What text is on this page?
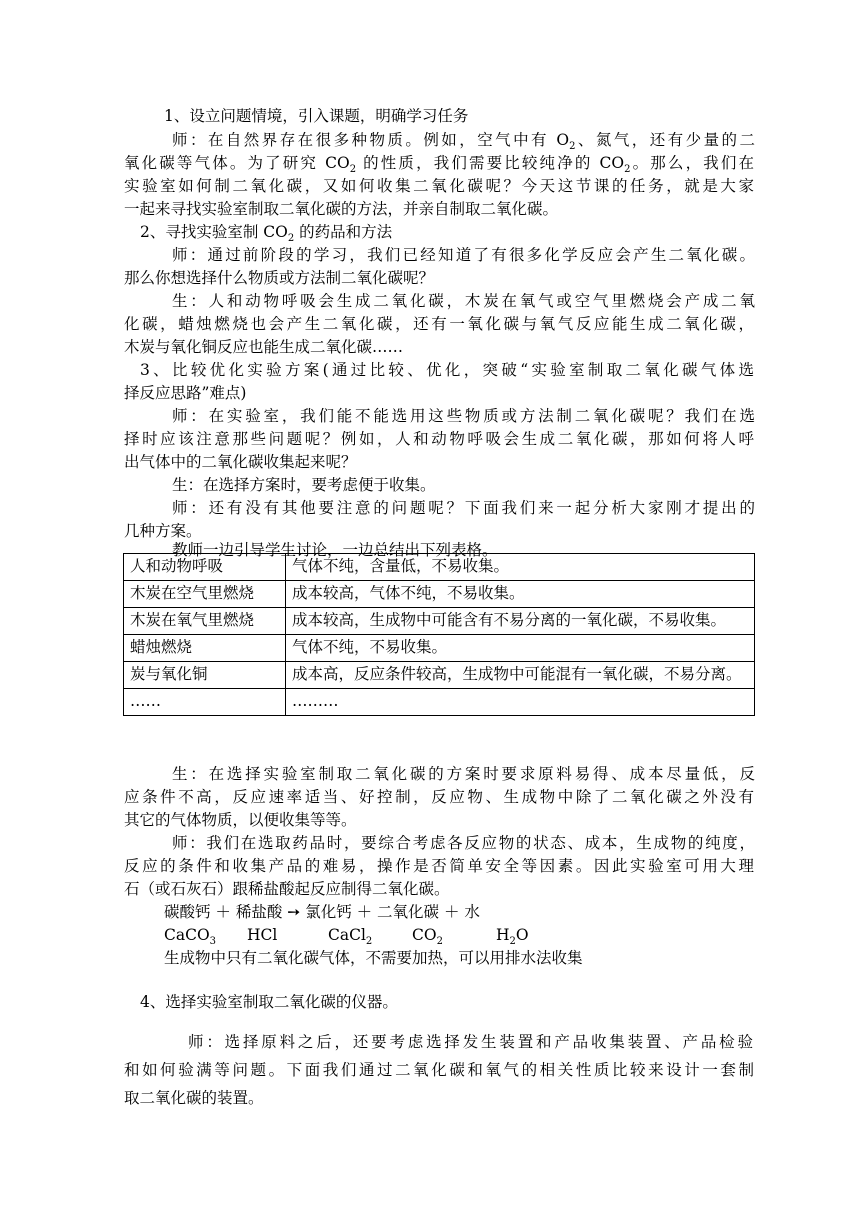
1、设立问题情境，引入课题，明确学习任务
师：在自然界存在很多种物质。例如，空气中有 $O_2$、氮气，还有少量的二
氧化碳等气体。为了研究 $CO_2$ 的性质，我们需要比较纯净的 $CO_2$。那么，我们在
实验室如何制二氧化碳，又如何收集二氧化碳呢？今天这节课的任务，就是大家
一起来寻找实验室制取二氧化碳的方法，并亲自制取二氧化碳。
2、寻找实验室制 $CO_2$ 的药品和方法
师：通过前阶段的学习，我们已经知道了有很多化学反应会产生二氧化碳。
那么你想选择什么物质或方法制二氧化碳呢？
生：人和动物呼吸会生成二氧化碳，木炭在氧气或空气里燃烧会产成二氧
化碳，蜡烛燃烧也会产生二氧化碳，还有一氧化碳与氧气反应能生成二氧化碳，
木炭与氧化铜反应也能生成二氧化碳……
3、比较优化实验方案(通过比较、优化，突破“实验室制取二氧化碳气体选
择反应思路”难点)
师：在实验室，我们能不能选用这些物质或方法制二氧化碳呢？我们在选
择时应该注意那些问题呢？例如，人和动物呼吸会生成二氧化碳，那如何将人呼
出气体中的二氧化碳收集起来呢？
生：在选择方案时，要考虑便于收集。
师：还有没有其他要注意的问题呢？下面我们来一起分析大家刚才提出的
几种方案。
教师一边引导学生讨论，一边总结出下列表格。
人和动物呼吸	气体不纯，含量低，不易收集。
木炭在空气里燃烧	成本较高，气体不纯，不易收集。
木炭在氧气里燃烧	成本较高，生成物中可能含有不易分离的一氧化碳，不易收集。
蜡烛燃烧	气体不纯，不易收集。
炭与氧化铜	成本高，反应条件较高，生成物中可能混有一氧化碳，不易分离。
……	………
生：在选择实验室制取二氧化碳的方案时要求原料易得、成本尽量低，反
应条件不高，反应速率适当、好控制，反应物、生成物中除了二氧化碳之外没有
其它的气体物质，以便收集等等。
师：我们在选取药品时，要综合考虑各反应物的状态、成本，生成物的纯度，
反应的条件和收集产品的难易，操作是否简单安全等因素。因此实验室可用大理
石（或石灰石）跟稀盐酸起反应制得二氧化碳。
碳酸钙 ＋ 稀盐酸 ➙ 氯化钙 ＋ 二氧化碳 ＋ 水
CaCO$_3$ HCl	CaCl$_2$	$CO_2$	$H_2O$
生成物中只有二氧化碳气体，不需要加热，可以用排水法收集
4、选择实验室制取二氧化碳的仪器。
师：选择原料之后，还要考虑选择发生装置和产品收集装置、产品检验
和如何验满等问题。下面我们通过二氧化碳和氧气的相关性质比较来设计一套制
取二氧化碳的装置。
